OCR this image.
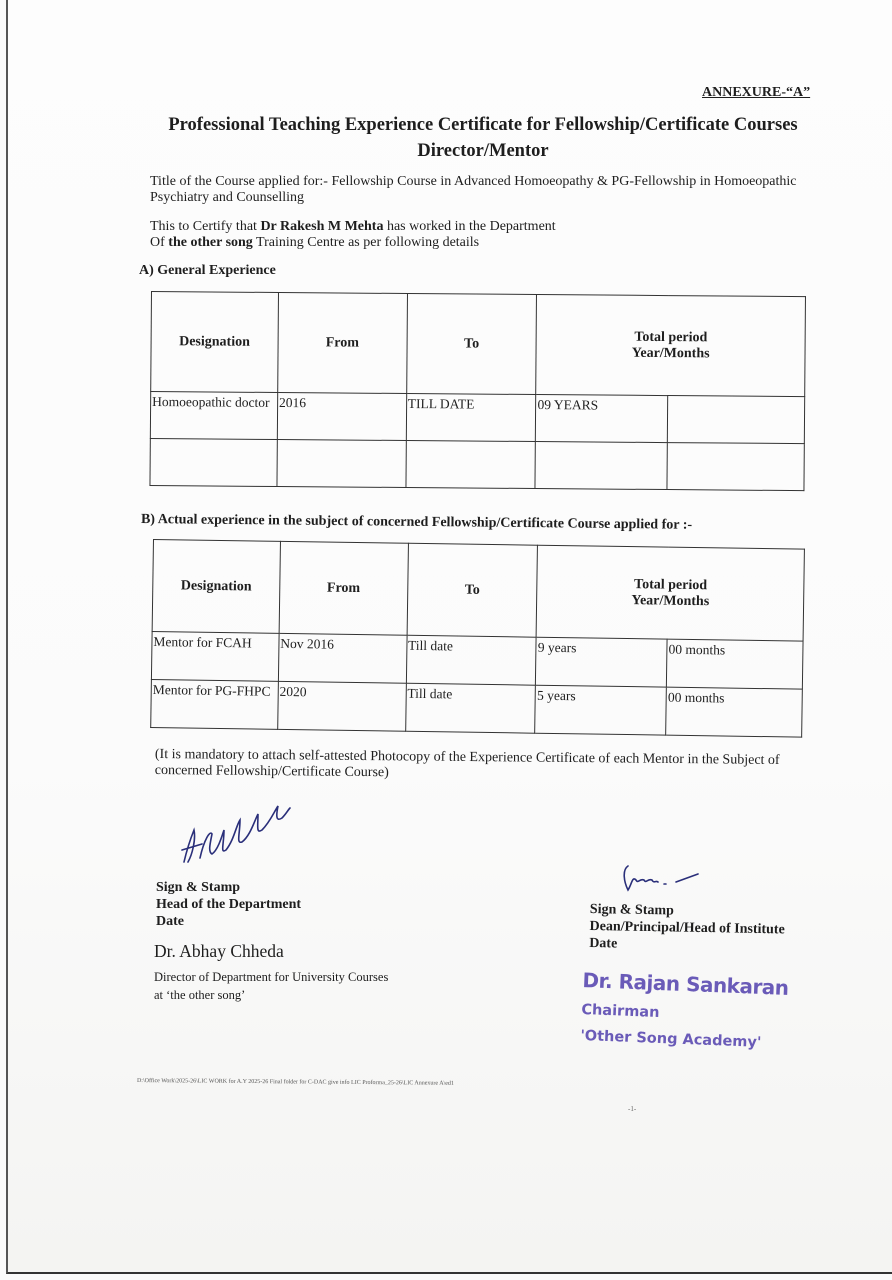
ANNEXURE-“A”
Professional Teaching Experience Certificate for Fellowship/Certificate Courses
Director/Mentor
Title of the Course applied for:- Fellowship Course in Advanced Homoeopathy & PG-Fellowship in Homoeopathic Psychiatry and Counselling
This to Certify that Dr Rakesh M Mehta has worked in the Department
Of the other song Training Centre as per following details
A) General Experience
Designation	From	To	Total period Year/Months	
Homoeopathic doctor	2016	TILL DATE	09 YEARS	

B) Actual experience in the subject of concerned Fellowship/Certificate Course applied for :-
Designation	From	To	Total period Year/Months	
Mentor for FCAH	Nov 2016	Till date	9 years	00 months
Mentor for PG-FHPC	2020	Till date	5 years	00 months
(It is mandatory to attach self-attested Photocopy of the Experience Certificate of each Mentor in the Subject of concerned Fellowship/Certificate Course)
Sign & Stamp
Head of the Department
Date
Dr. Abhay Chheda
Director of Department for University Courses
at ‘the other song’
Sign & Stamp
Dean/Principal/Head of Institute
Date
Dr. Rajan Sankaran
Chairman
'Other Song Academy'
D:\Office Work\2025-26\LIC WORK for A.Y 2025-26 Final folder for C-DAC give info LIC Proforma_25-26\LIC Annexure A\ed1
-1-
